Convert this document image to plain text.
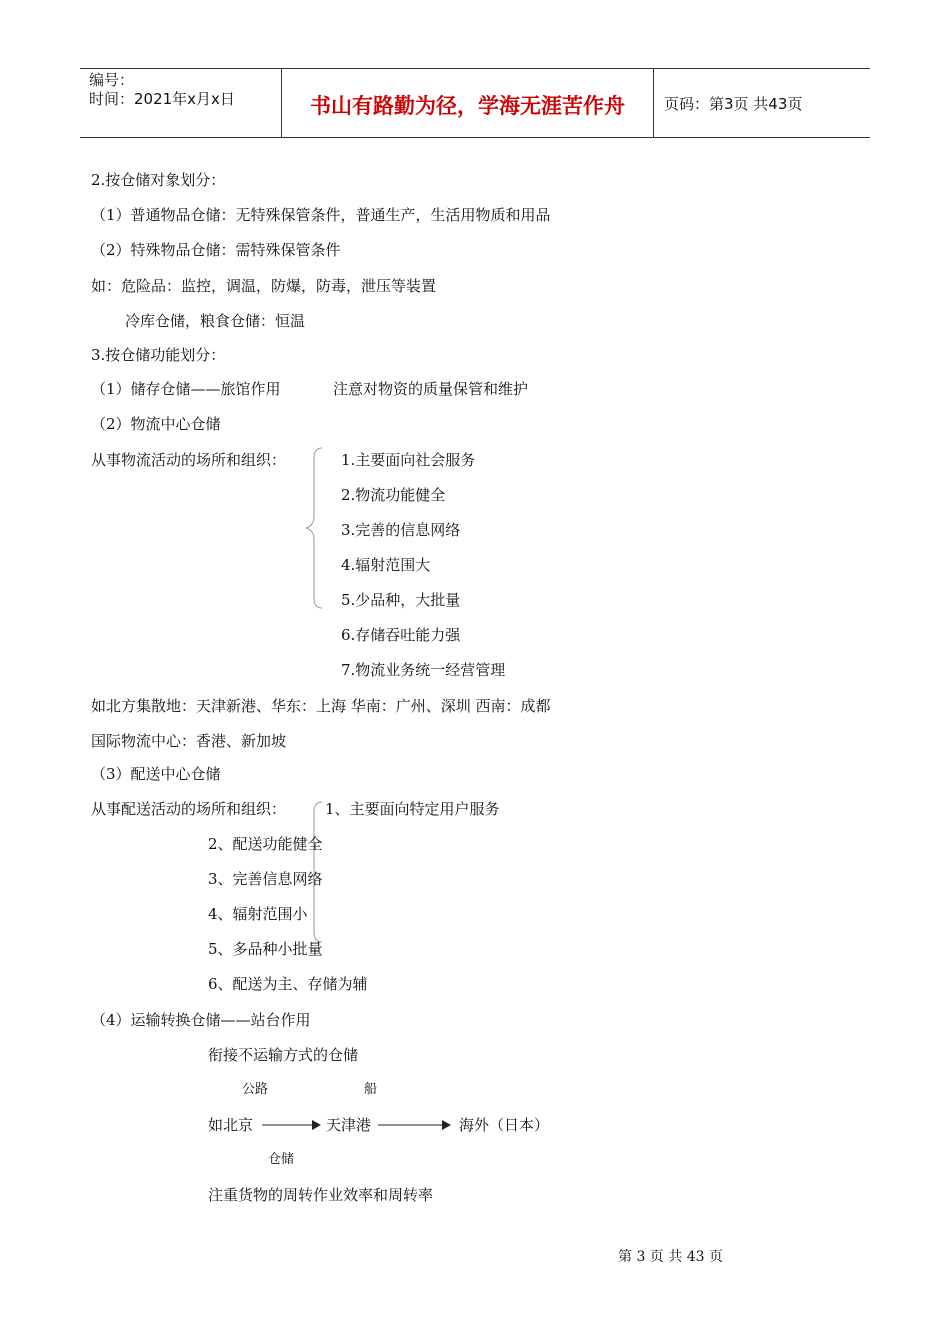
编号：
时间：2021年x月x日	书山有路勤为径，学海无涯苦作舟	页码：第3页 共43页
2.按仓储对象划分：
（1）普通物品仓储：无特殊保管条件，普通生产，生活用物质和用品
（2）特殊物品仓储：需特殊保管条件
如：危险品：监控，调温，防爆，防毒，泄压等装置
冷库仓储，粮食仓储：恒温
3.按仓储功能划分：
（1）储存仓储——旅馆作用	注意对物资的质量保管和维护
（2）物流中心仓储
从事物流活动的场所和组织：	1.主要面向社会服务
2.物流功能健全
3.完善的信息网络
4.辐射范围大
5.少品种，大批量
6.存储吞吐能力强
7.物流业务统一经营管理
如北方集散地：天津新港、华东：上海 华南：广州、深圳 西南：成都
国际物流中心：香港、新加坡
（3）配送中心仓储
从事配送活动的场所和组织：	1、主要面向特定用户服务
2、配送功能健全
3、完善信息网络
4、辐射范围小
5、多品种小批量
6、配送为主、存储为辅
（4）运输转换仓储——站台作用
衔接不运输方式的仓储
公路	船
如北京	天津港	海外（日本）
仓储
注重货物的周转作业效率和周转率
第 3 页 共 43 页
